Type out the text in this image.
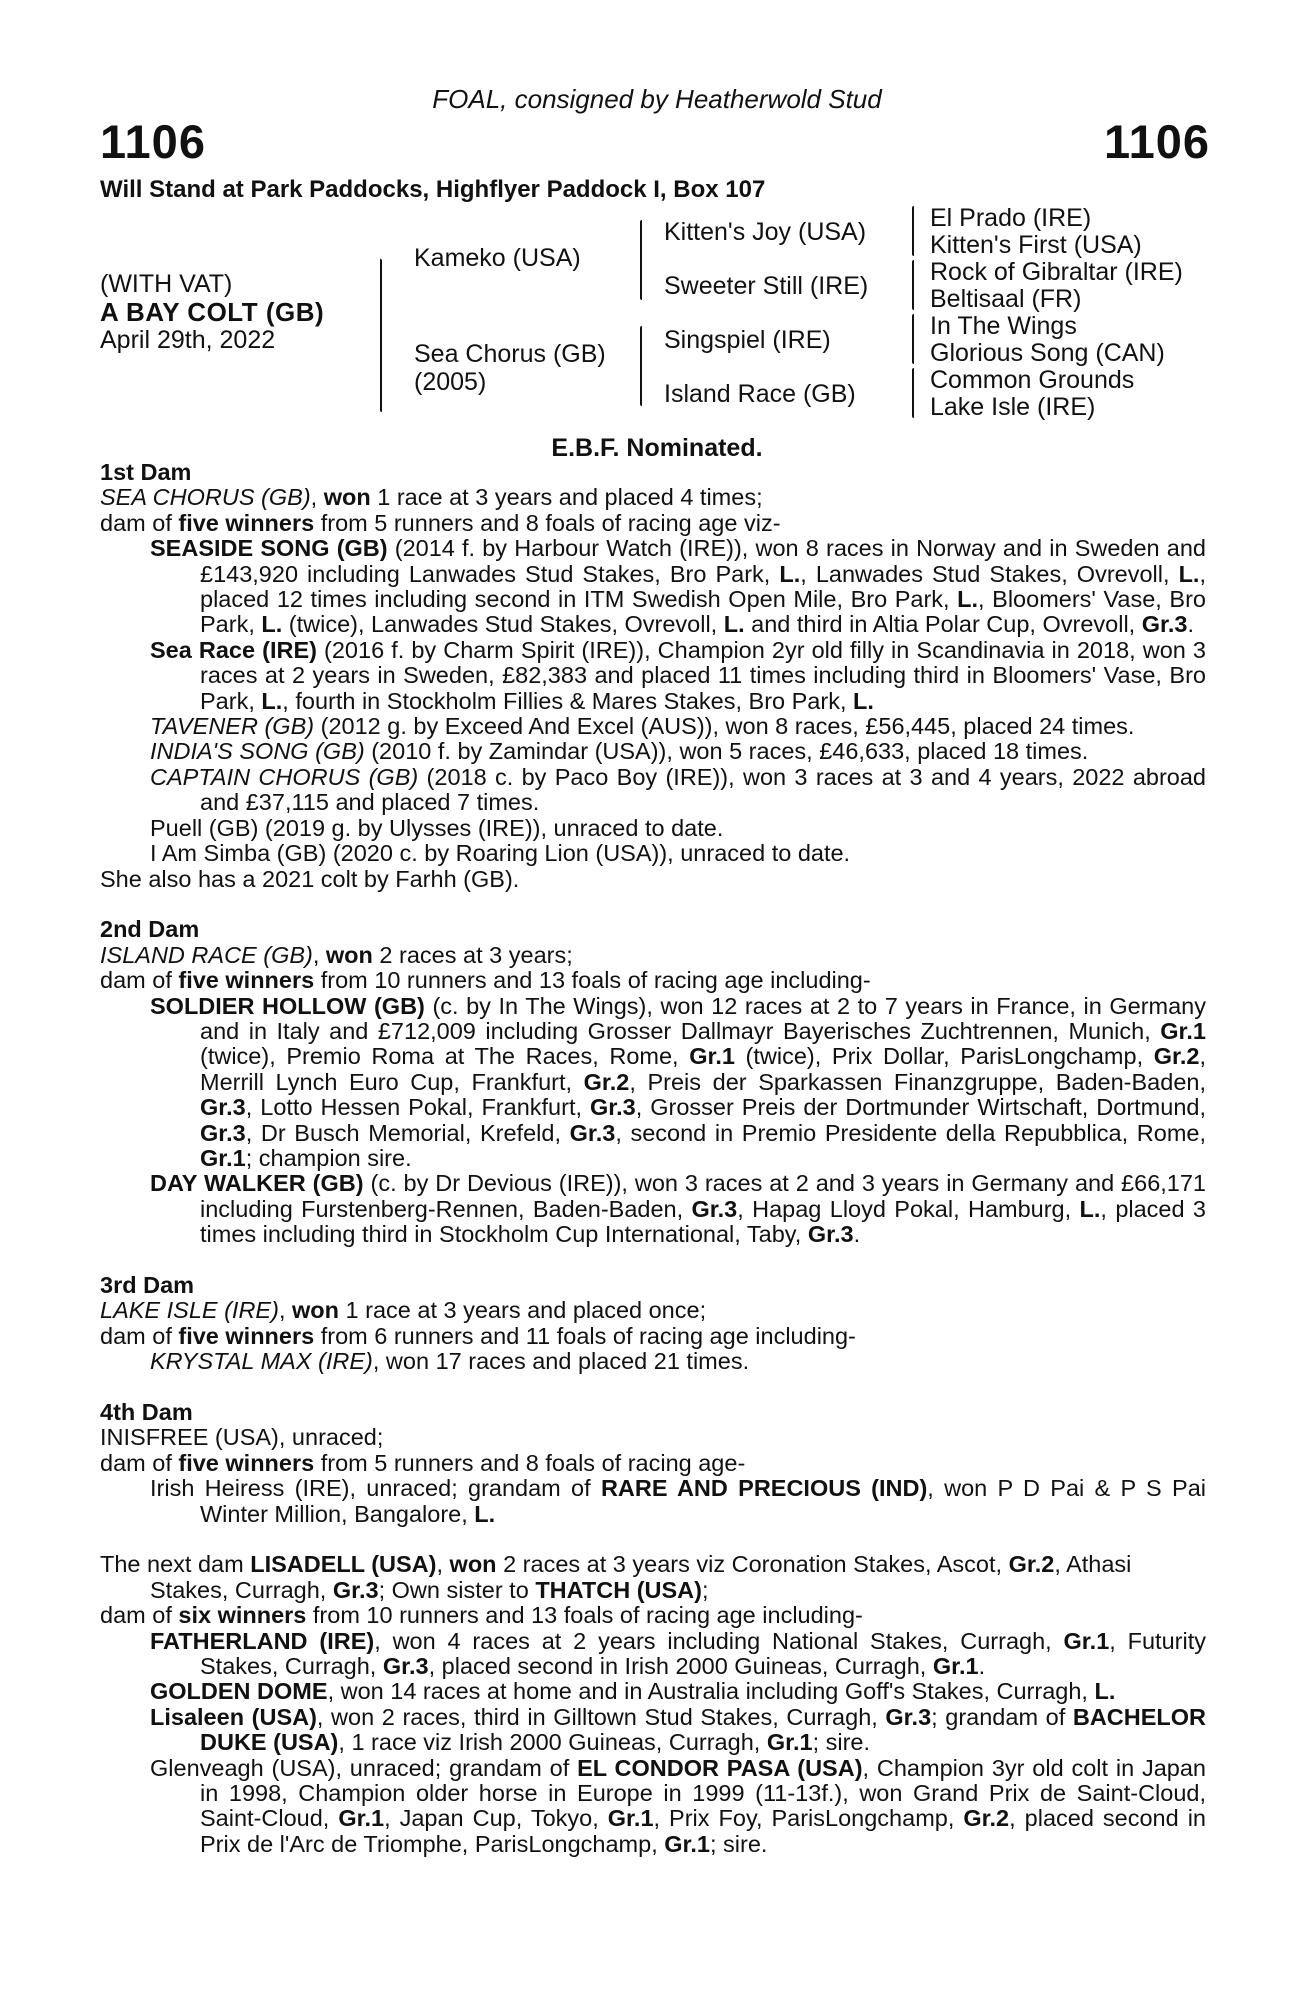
FOAL, consigned by Heatherwold Stud
1106	1106
Will Stand at Park Paddocks, Highflyer Paddock I, Box 107
(WITH VAT)
A BAY COLT (GB)
April 29th, 2022
Kameko (USA)
Sea Chorus (GB)
(2005)
Kitten's Joy (USA)
Sweeter Still (IRE)
Singspiel (IRE)
Island Race (GB)
El Prado (IRE)
Kitten's First (USA)
Rock of Gibraltar (IRE)
Beltisaal (FR)
In The Wings
Glorious Song (CAN)
Common Grounds
Lake Isle (IRE)
E.B.F. Nominated.

1st Dam

SEA CHORUS (GB), won 1 race at 3 years and placed 4 times;

dam of five winners from 5 runners and 8 foals of racing age viz-

SEASIDE SONG (GB) (2014 f. by Harbour Watch (IRE)), won 8 races in Norway and in Sweden and £143,920 including Lanwades Stud Stakes, Bro Park, L., Lanwades Stud Stakes, Ovrevoll, L., placed 12 times including second in ITM Swedish Open Mile, Bro Park, L., Bloomers' Vase, Bro Park, L. (twice), Lanwades Stud Stakes, Ovrevoll, L. and third in Altia Polar Cup, Ovrevoll, Gr.3.

Sea Race (IRE) (2016 f. by Charm Spirit (IRE)), Champion 2yr old filly in Scandinavia in 2018, won 3 races at 2 years in Sweden, £82,383 and placed 11 times including third in Bloomers' Vase, Bro Park, L., fourth in Stockholm Fillies & Mares Stakes, Bro Park, L.

TAVENER (GB) (2012 g. by Exceed And Excel (AUS)), won 8 races, £56,445, placed 24 times.

INDIA'S SONG (GB) (2010 f. by Zamindar (USA)), won 5 races, £46,633, placed 18 times.

CAPTAIN CHORUS (GB) (2018 c. by Paco Boy (IRE)), won 3 races at 3 and 4 years, 2022 abroad and £37,115 and placed 7 times.

Puell (GB) (2019 g. by Ulysses (IRE)), unraced to date.

I Am Simba (GB) (2020 c. by Roaring Lion (USA)), unraced to date.

She also has a 2021 colt by Farhh (GB).

2nd Dam

ISLAND RACE (GB), won 2 races at 3 years;

dam of five winners from 10 runners and 13 foals of racing age including-

SOLDIER HOLLOW (GB) (c. by In The Wings), won 12 races at 2 to 7 years in France, in Germany and in Italy and £712,009 including Grosser Dallmayr Bayerisches Zuchtrennen, Munich, Gr.1 (twice), Premio Roma at The Races, Rome, Gr.1 (twice), Prix Dollar, ParisLongchamp, Gr.2, Merrill Lynch Euro Cup, Frankfurt, Gr.2, Preis der Sparkassen Finanzgruppe, Baden-Baden, Gr.3, Lotto Hessen Pokal, Frankfurt, Gr.3, Grosser Preis der Dortmunder Wirtschaft, Dortmund, Gr.3, Dr Busch Memorial, Krefeld, Gr.3, second in Premio Presidente della Repubblica, Rome, Gr.1; champion sire.

DAY WALKER (GB) (c. by Dr Devious (IRE)), won 3 races at 2 and 3 years in Germany and £66,171 including Furstenberg-Rennen, Baden-Baden, Gr.3, Hapag Lloyd Pokal, Hamburg, L., placed 3 times including third in Stockholm Cup International, Taby, Gr.3.

3rd Dam

LAKE ISLE (IRE), won 1 race at 3 years and placed once;

dam of five winners from 6 runners and 11 foals of racing age including-

KRYSTAL MAX (IRE), won 17 races and placed 21 times.

4th Dam

INISFREE (USA), unraced;

dam of five winners from 5 runners and 8 foals of racing age-

Irish Heiress (IRE), unraced; grandam of RARE AND PRECIOUS (IND), won P D Pai & P S Pai Winter Million, Bangalore, L.

The next dam LISADELL (USA), won 2 races at 3 years viz Coronation Stakes, Ascot, Gr.2, Athasi Stakes, Curragh, Gr.3; Own sister to THATCH (USA);

dam of six winners from 10 runners and 13 foals of racing age including-

FATHERLAND (IRE), won 4 races at 2 years including National Stakes, Curragh, Gr.1, Futurity Stakes, Curragh, Gr.3, placed second in Irish 2000 Guineas, Curragh, Gr.1.

GOLDEN DOME, won 14 races at home and in Australia including Goff's Stakes, Curragh, L.

Lisaleen (USA), won 2 races, third in Gilltown Stud Stakes, Curragh, Gr.3; grandam of BACHELOR DUKE (USA), 1 race viz Irish 2000 Guineas, Curragh, Gr.1; sire.

Glenveagh (USA), unraced; grandam of EL CONDOR PASA (USA), Champion 3yr old colt in Japan in 1998, Champion older horse in Europe in 1999 (11-13f.), won Grand Prix de Saint-Cloud, Saint-Cloud, Gr.1, Japan Cup, Tokyo, Gr.1, Prix Foy, ParisLongchamp, Gr.2, placed second in Prix de l'Arc de Triomphe, ParisLongchamp, Gr.1; sire.
